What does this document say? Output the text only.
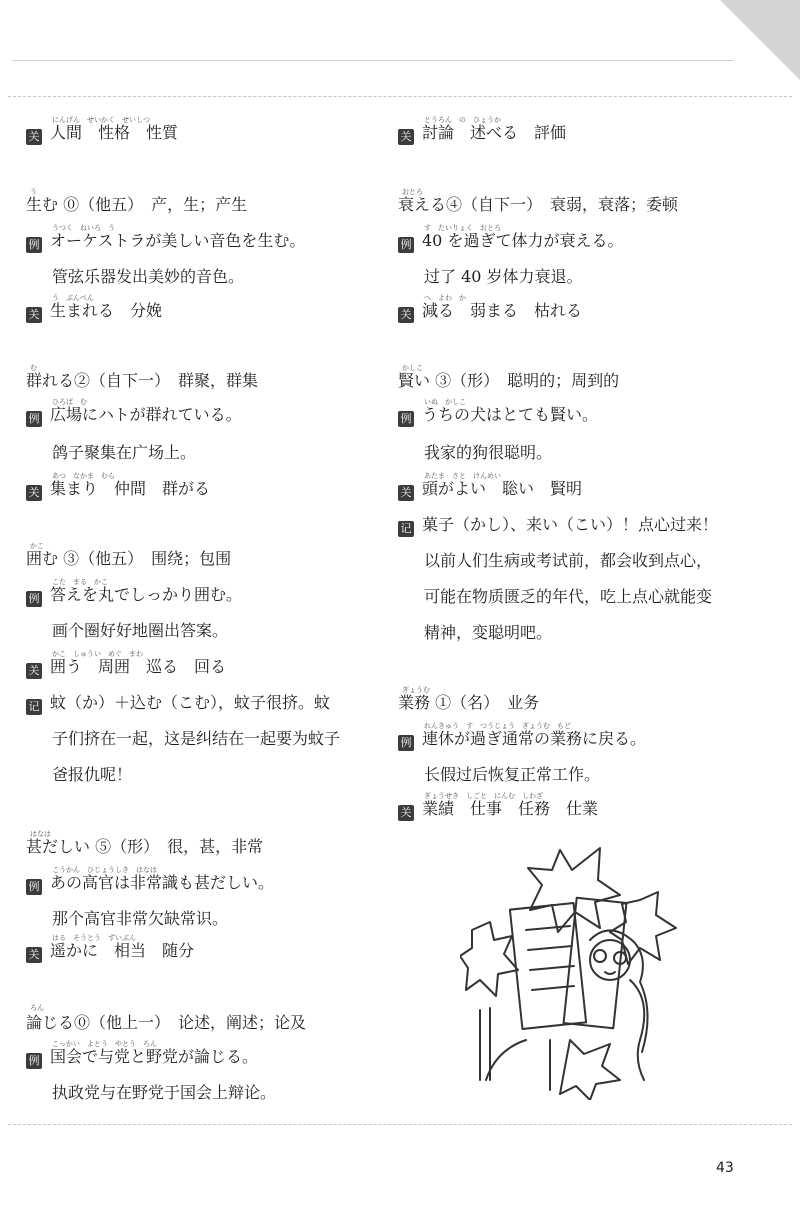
にんげん　せいかく　せいしつ
关 人間　性格　性質
う
生む ⓪（他五）　产，生；产生
うつく　ねいろ　う
例 オーケストラが美しい音色を生む。
管弦乐器发出美妙的音色。
う　ぶんべん
关 生まれる　分娩
む
群れる②（自下一）　群聚，群集
ひろば　む
例 広場にハトが群れている。
鸽子聚集在广场上。
あつ　なかま　むら
关 集まり　仲間　群がる
かこ
囲む ③（他五）　围绕；包围
こた　まる　かこ
例 答えを丸でしっかり囲む。
画个圈好好地圈出答案。
かこ　しゅうい　めぐ　まわ
关 囲う　周囲　巡る　回る
记 蚊（か）＋込む（こむ），蚊子很挤。蚊
子们挤在一起，这是纠结在一起要为蚊子
爸报仇呢！
はなは
甚だしい ⑤（形）　很，甚，非常
こうかん　ひじょうしき　はなは
例 あの高官は非常識も甚だしい。
那个高官非常欠缺常识。
はる　そうとう　ずいぶん
关 遥かに　相当　随分
ろん
論じる⓪（他上一）　论述，阐述；论及
こっかい　よとう　やとう　ろん
例 国会で与党と野党が論じる。
执政党与在野党于国会上辩论。
とうろん　の　ひょうか
关 討論　述べる　評価
おとろ
衰える④（自下一）　衰弱，衰落；委顿
す　たいりょく　おとろ
例 40 を過ぎて体力が衰える。
过了 40 岁体力衰退。
へ　よわ　か
关 減る　弱まる　枯れる
かしこ
賢い ③（形）　聪明的；周到的
いぬ　かしこ
例 うちの犬はとても賢い。
我家的狗很聪明。
あたま　さと　けんめい
关 頭がよい　聡い　賢明
记 菓子（かし）、来い（こい）！点心过来！
以前人们生病或考试前，都会收到点心，
可能在物质匮乏的年代，吃上点心就能变
精神，变聪明吧。
ぎょうむ
業務 ①（名）　业务
れんきゅう　す　つうじょう　ぎょうむ　もど
例 連休が過ぎ通常の業務に戻る。
长假过后恢复正常工作。
ぎょうせき　しごと　にんむ　しわざ
关 業績　仕事　任務　仕業
43
